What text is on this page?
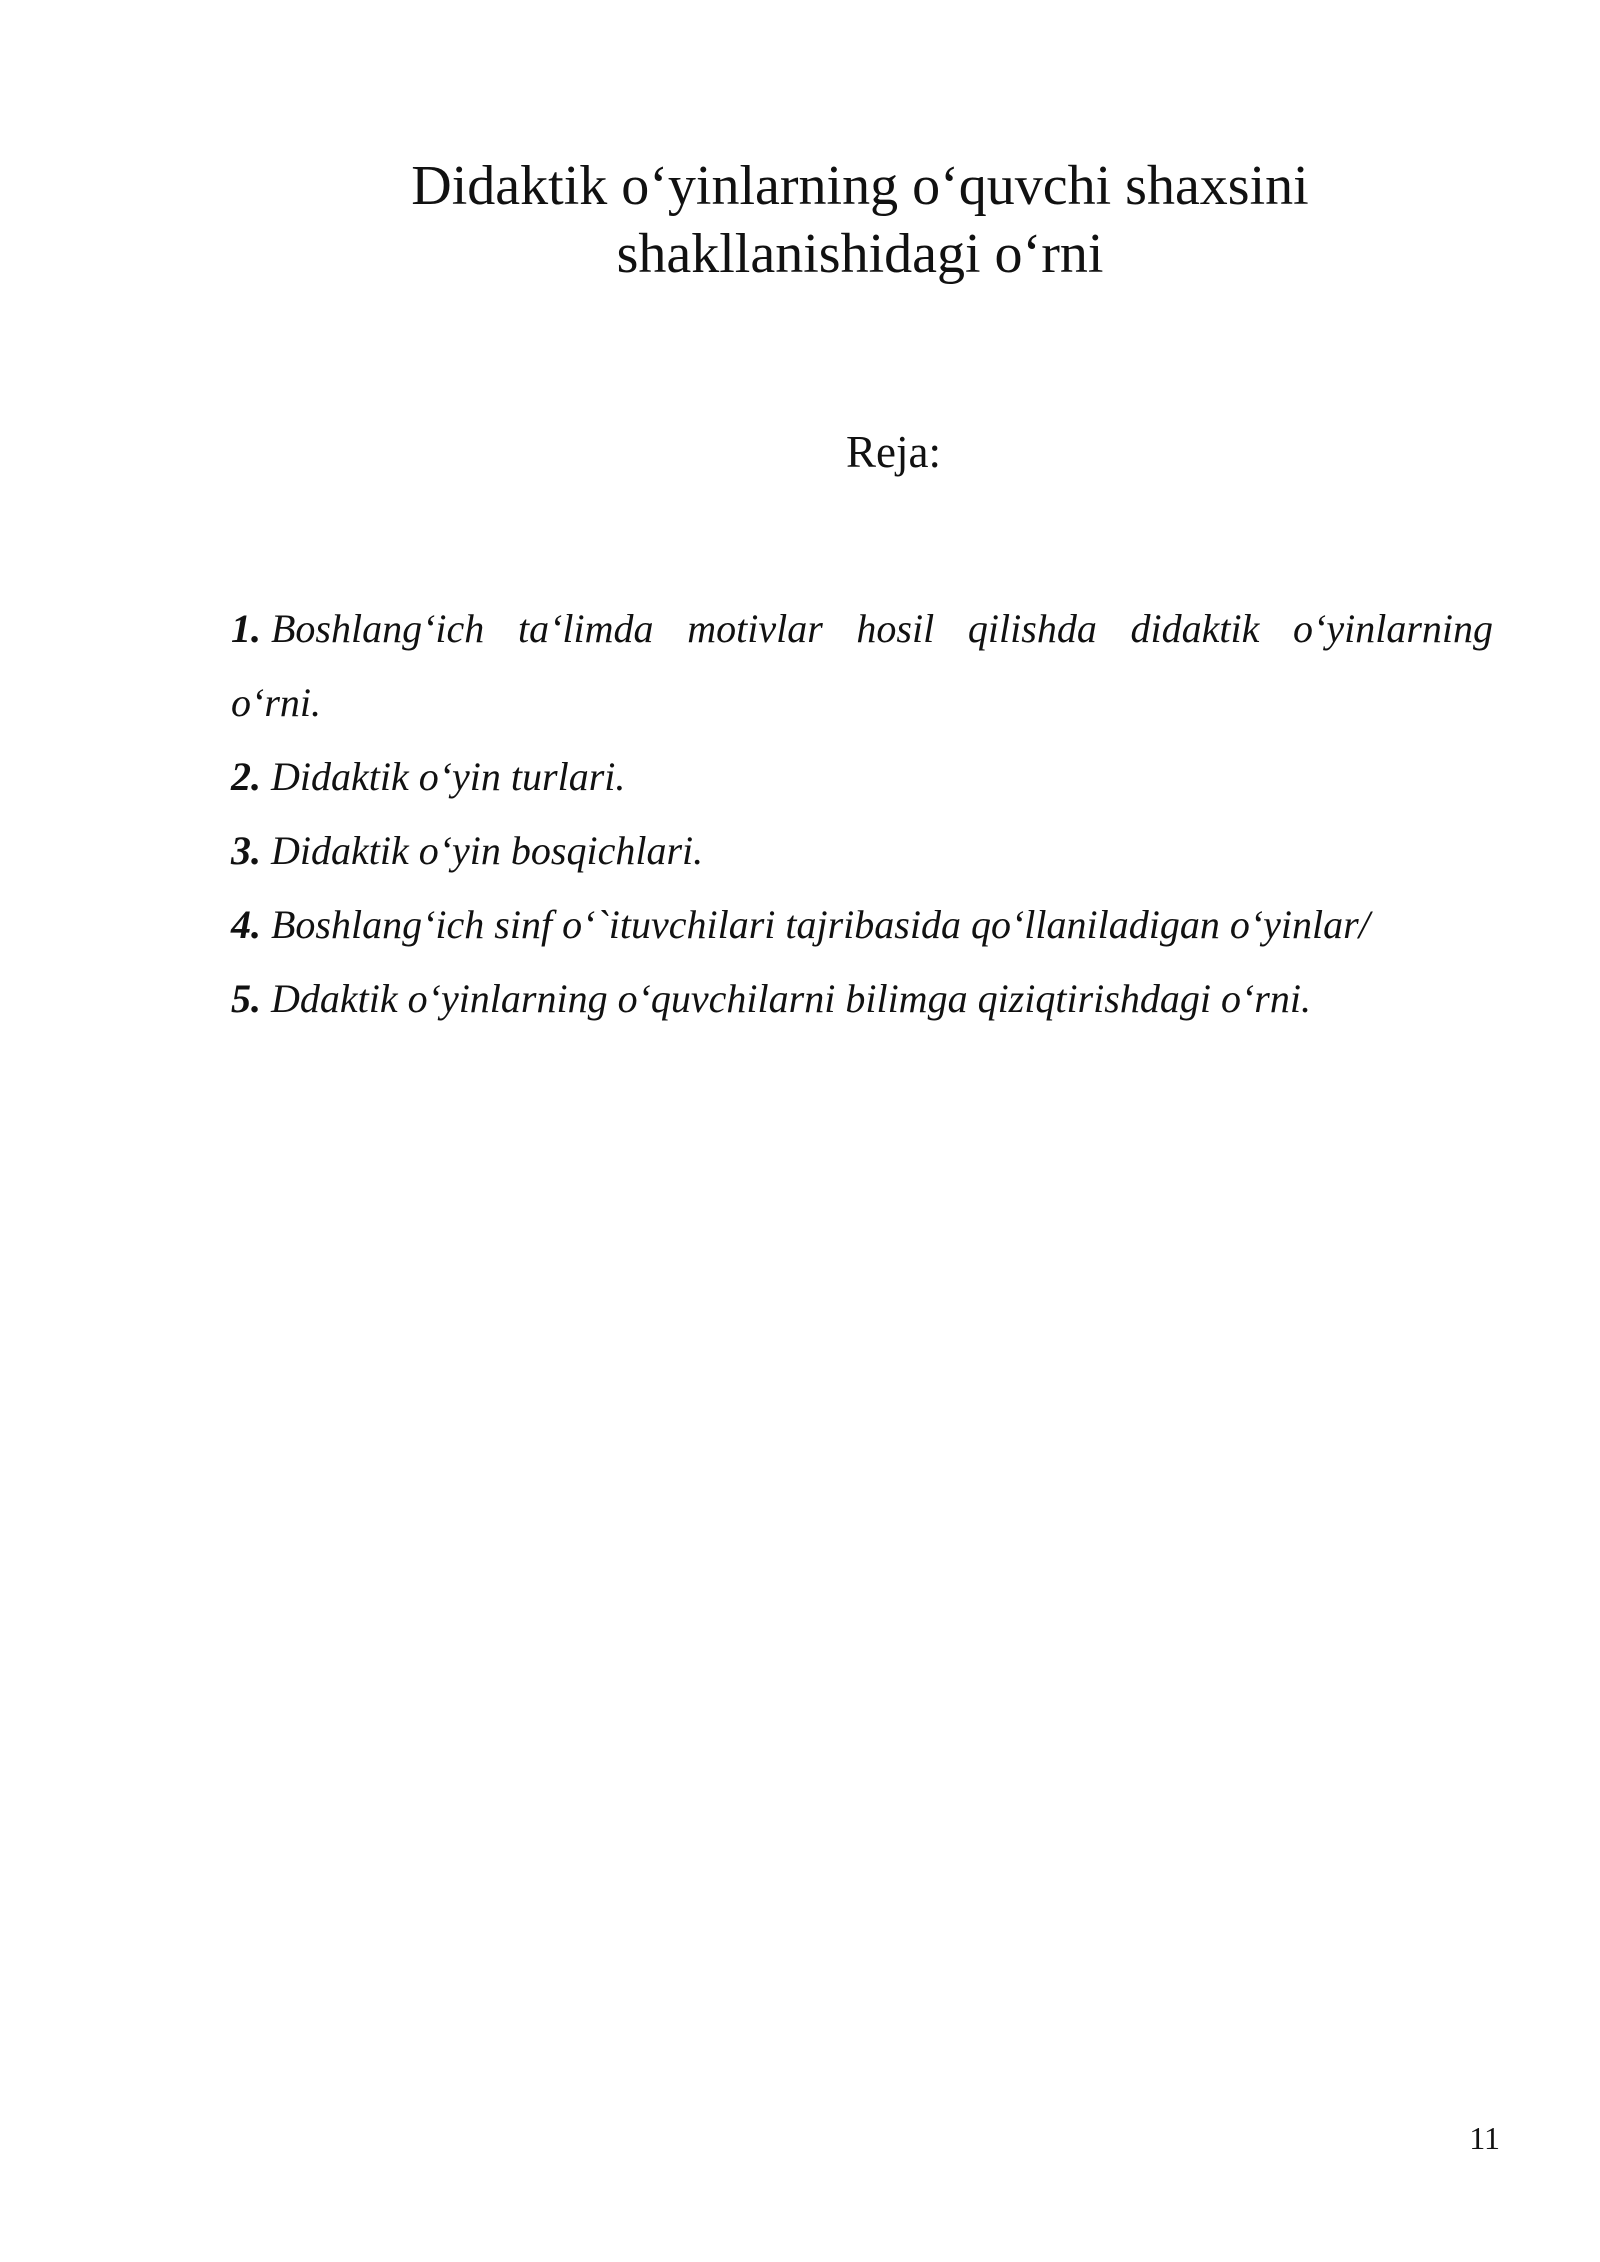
Didaktik o‘yinlarning o‘quvchi shaxsini
shakllanishidagi o‘rni

Reja:

1. Boshlang‘ich ta‘limda motivlar hosil qilishda didaktik o‘yinlarning
o‘rni.
2. Didaktik o‘yin turlari.
3. Didaktik o‘yin bosqichlari.
4. Boshlang‘ich sinf o‘`ituvchilari tajribasida qo‘llaniladigan o‘yinlar/
5. Ddaktik o‘yinlarning o‘quvchilarni bilimga qiziqtirishdagi o‘rni.
11
